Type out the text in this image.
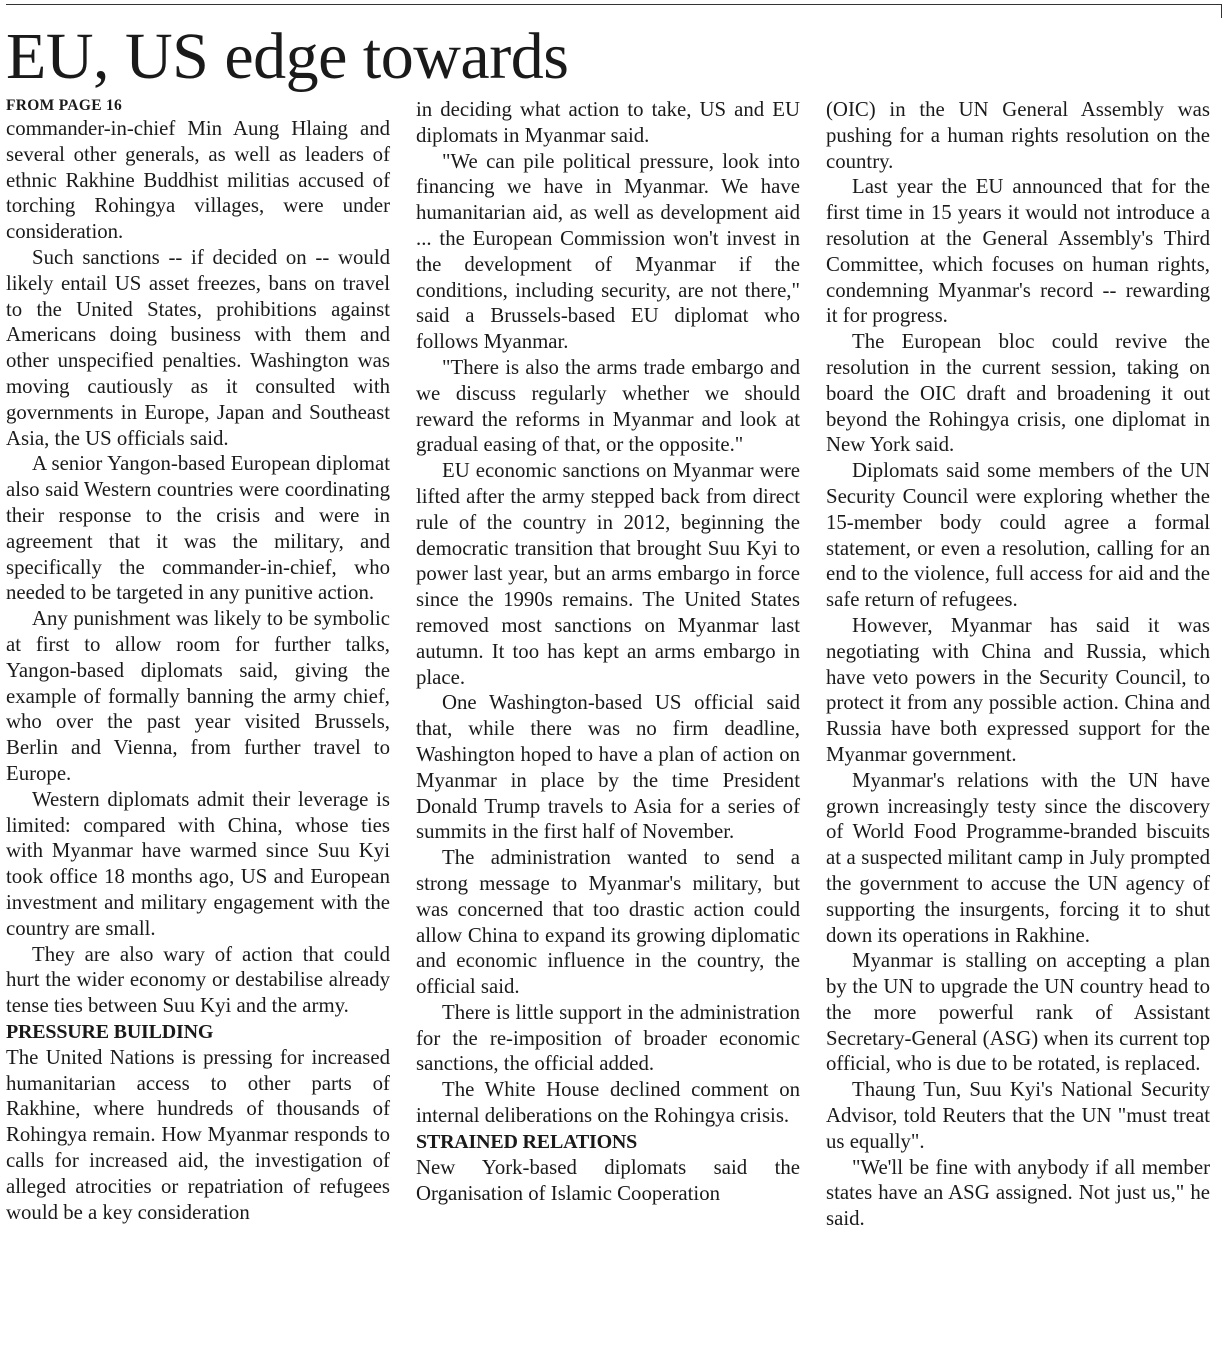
EU, US edge towards
FROM PAGE 16

commander-in-chief Min Aung Hlaing and several other generals, as well as leaders of ethnic Rakhine Buddhist militias accused of torching Rohingya villages, were under consideration.

Such sanctions -- if decided on -- would likely entail US asset freezes, bans on travel to the United States, prohibitions against Americans doing business with them and other unspecified penalties. Washington was moving cautiously as it consulted with governments in Europe, Japan and Southeast Asia, the US officials said.

A senior Yangon-based European diplomat also said Western countries were coordinating their response to the crisis and were in agreement that it was the military, and specifically the commander-in-chief, who needed to be targeted in any punitive action.

Any punishment was likely to be symbolic at first to allow room for further talks, Yangon-based diplomats said, giving the example of formally banning the army chief, who over the past year visited Brussels, Berlin and Vienna, from further travel to Europe.

Western diplomats admit their leverage is limited: compared with China, whose ties with Myanmar have warmed since Suu Kyi took office 18 months ago, US and European investment and military engagement with the country are small.

They are also wary of action that could hurt the wider economy or destabilise already tense ties between Suu Kyi and the army.

PRESSURE BUILDING

The United Nations is pressing for increased humanitarian access to other parts of Rakhine, where hundreds of thousands of Rohingya remain. How Myanmar responds to calls for increased aid, the investigation of alleged atrocities or repatriation of refugees would be a key consideration

in deciding what action to take, US and EU diplomats in Myanmar said.

"We can pile political pressure, look into financing we have in Myanmar. We have humanitarian aid, as well as development aid ... the European Commission won't invest in the development of Myanmar if the conditions, including security, are not there," said a Brussels-based EU diplomat who follows Myanmar.

"There is also the arms trade embargo and we discuss regularly whether we should reward the reforms in Myanmar and look at gradual easing of that, or the opposite."

EU economic sanctions on Myanmar were lifted after the army stepped back from direct rule of the country in 2012, beginning the democratic transition that brought Suu Kyi to power last year, but an arms embargo in force since the 1990s remains. The United States removed most sanctions on Myanmar last autumn. It too has kept an arms embargo in place.

One Washington-based US official said that, while there was no firm deadline, Washington hoped to have a plan of action on Myanmar in place by the time President Donald Trump travels to Asia for a series of summits in the first half of November.

The administration wanted to send a strong message to Myanmar's military, but was concerned that too drastic action could allow China to expand its growing diplomatic and economic influence in the country, the official said.

There is little support in the administration for the re-imposition of broader economic sanctions, the official added.

The White House declined comment on internal deliberations on the Rohingya crisis.

STRAINED RELATIONS

New York-based diplomats said the Organisation of Islamic Cooperation

(OIC) in the UN General Assembly was pushing for a human rights resolution on the country.

Last year the EU announced that for the first time in 15 years it would not introduce a resolution at the General Assembly's Third Committee, which focuses on human rights, condemning Myanmar's record -- rewarding it for progress.

The European bloc could revive the resolution in the current session, taking on board the OIC draft and broadening it out beyond the Rohingya crisis, one diplomat in New York said.

Diplomats said some members of the UN Security Council were exploring whether the 15-member body could agree a formal statement, or even a resolution, calling for an end to the violence, full access for aid and the safe return of refugees.

However, Myanmar has said it was negotiating with China and Russia, which have veto powers in the Security Council, to protect it from any possible action. China and Russia have both expressed support for the Myanmar government.

Myanmar's relations with the UN have grown increasingly testy since the discovery of World Food Programme-branded biscuits at a suspected militant camp in July prompted the government to accuse the UN agency of supporting the insurgents, forcing it to shut down its operations in Rakhine.

Myanmar is stalling on accepting a plan by the UN to upgrade the UN country head to the more powerful rank of Assistant Secretary-General (ASG) when its current top official, who is due to be rotated, is replaced.

Thaung Tun, Suu Kyi's National Security Advisor, told Reuters that the UN "must treat us equally".

"We'll be fine with anybody if all member states have an ASG assigned. Not just us," he said.
